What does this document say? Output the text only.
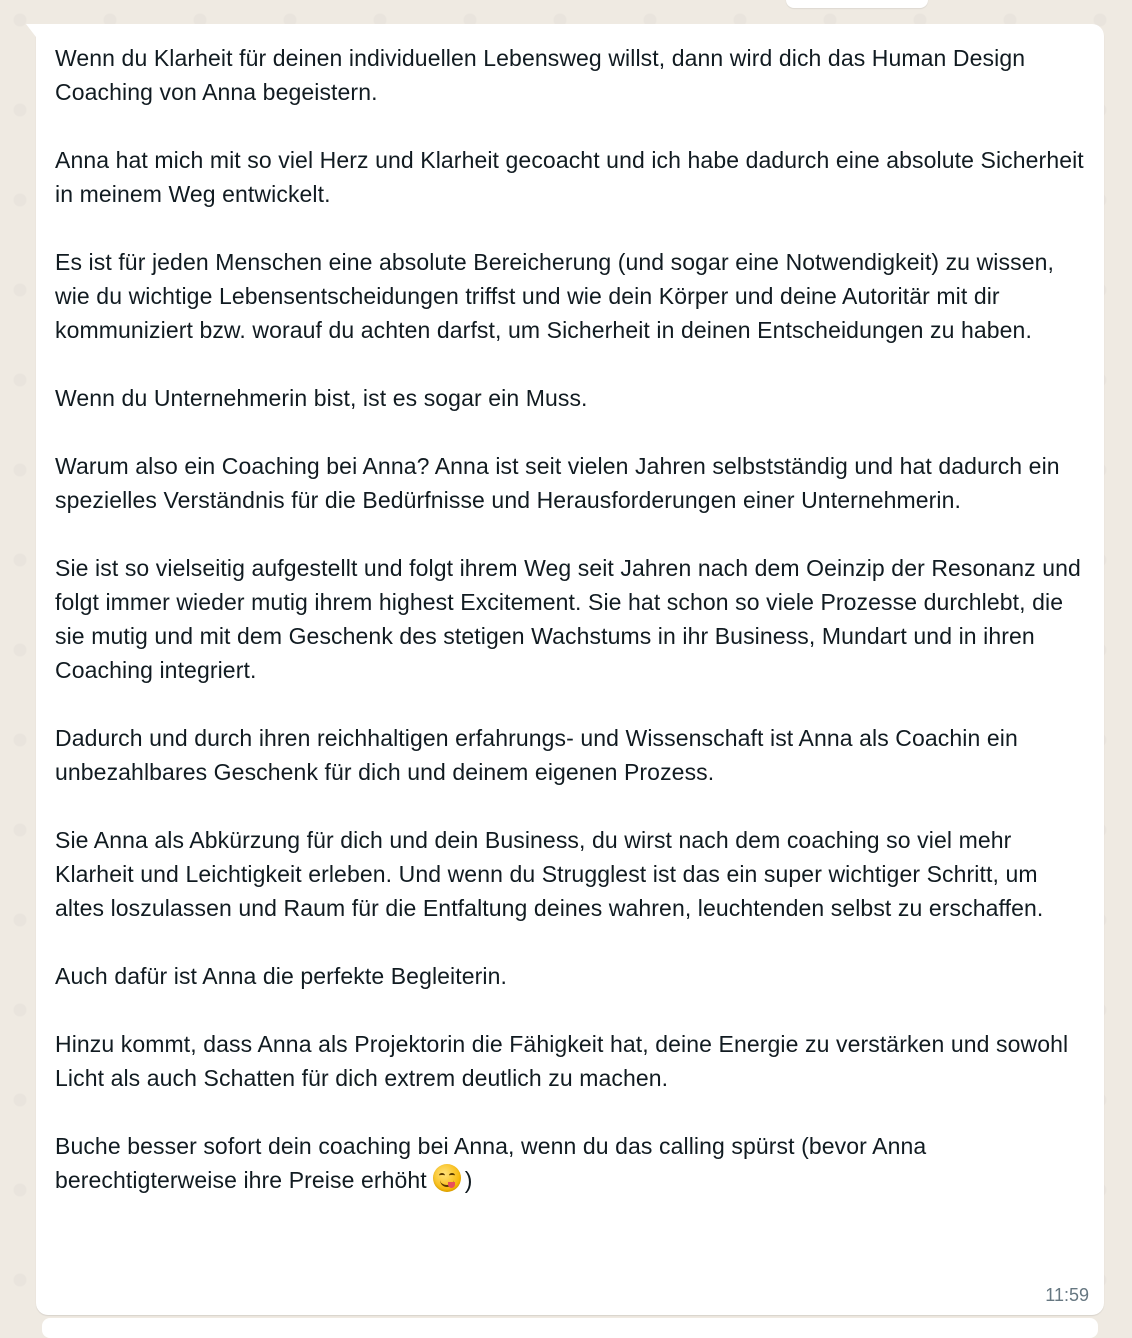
Wenn du Klarheit für deinen individuellen Lebensweg willst, dann wird dich das Human Design Coaching von Anna begeistern.

Anna hat mich mit so viel Herz und Klarheit gecoacht und ich habe dadurch eine absolute Sicherheit in meinem Weg entwickelt.

Es ist für jeden Menschen eine absolute Bereicherung (und sogar eine Notwendigkeit) zu wissen, wie du wichtige Lebensentscheidungen triffst und wie dein Körper und deine Autoritär mit dir kommuniziert bzw. worauf du achten darfst, um Sicherheit in deinen Entscheidungen zu haben.

Wenn du Unternehmerin bist, ist es sogar ein Muss.

Warum also ein Coaching bei Anna? Anna ist seit vielen Jahren selbstständig und hat dadurch ein spezielles Verständnis für die Bedürfnisse und Herausforderungen einer Unternehmerin.

Sie ist so vielseitig aufgestellt und folgt ihrem Weg seit Jahren nach dem Oeinzip der Resonanz und folgt immer wieder mutig ihrem highest Excitement. Sie hat schon so viele Prozesse durchlebt, die sie mutig und mit dem Geschenk des stetigen Wachstums in ihr Business, Mundart und in ihren Coaching integriert.

Dadurch und durch ihren reichhaltigen erfahrungs- und Wissenschaft ist Anna als Coachin ein unbezahlbares Geschenk für dich und deinem eigenen Prozess.

Sie Anna als Abkürzung für dich und dein Business, du wirst nach dem coaching so viel mehr Klarheit und Leichtigkeit erleben. Und wenn du Strugglest ist das ein super wichtiger Schritt, um altes loszulassen und Raum für die Entfaltung deines wahren, leuchtenden selbst zu erschaffen.

Auch dafür ist Anna die perfekte Begleiterin.

Hinzu kommt, dass Anna als Projektorin die Fähigkeit hat, deine Energie zu verstärken und sowohl Licht als auch Schatten für dich extrem deutlich zu machen.

Buche besser sofort dein coaching bei Anna, wenn du das calling spürst (bevor Anna berechtigterweise ihre Preise erhöht )

11:59
